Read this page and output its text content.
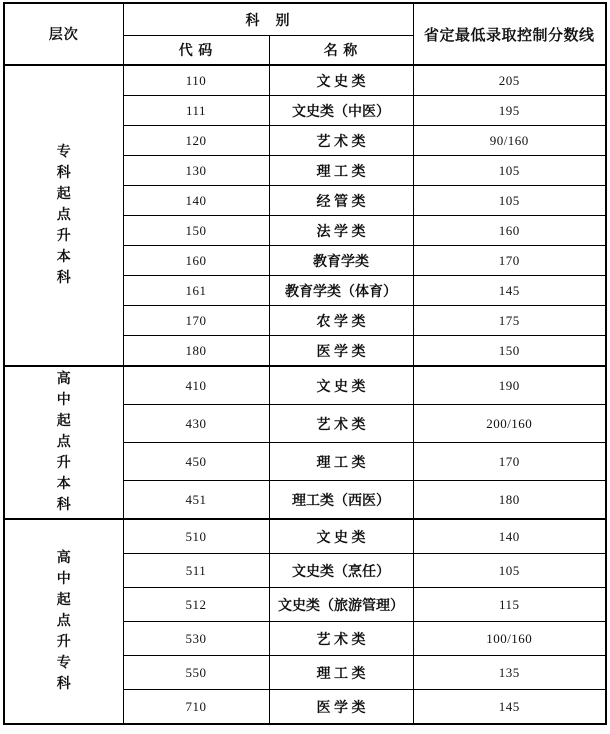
层次	科　别		省定最低录取控制分数线
	代 码	名 称	
专科起点升本科	110	文 史 类	205
	111	文史类（中医）	195
	120	艺 术 类	90/160
	130	理 工 类	105
	140	经 管 类	105
	150	法 学 类	160
	160	教育学类	170
	161	教育学类（体育）	145
	170	农 学 类	175
	180	医 学 类	150
高中起点升本科	410	文 史 类	190
	430	艺 术 类	200/160
	450	理 工 类	170
	451	理工类（西医）	180
高中起点升专科	510	文 史 类	140
	511	文史类（烹任）	105
	512	文史类（旅游管理）	115
	530	艺 术 类	100/160
	550	理 工 类	135
	710	医 学 类	145
